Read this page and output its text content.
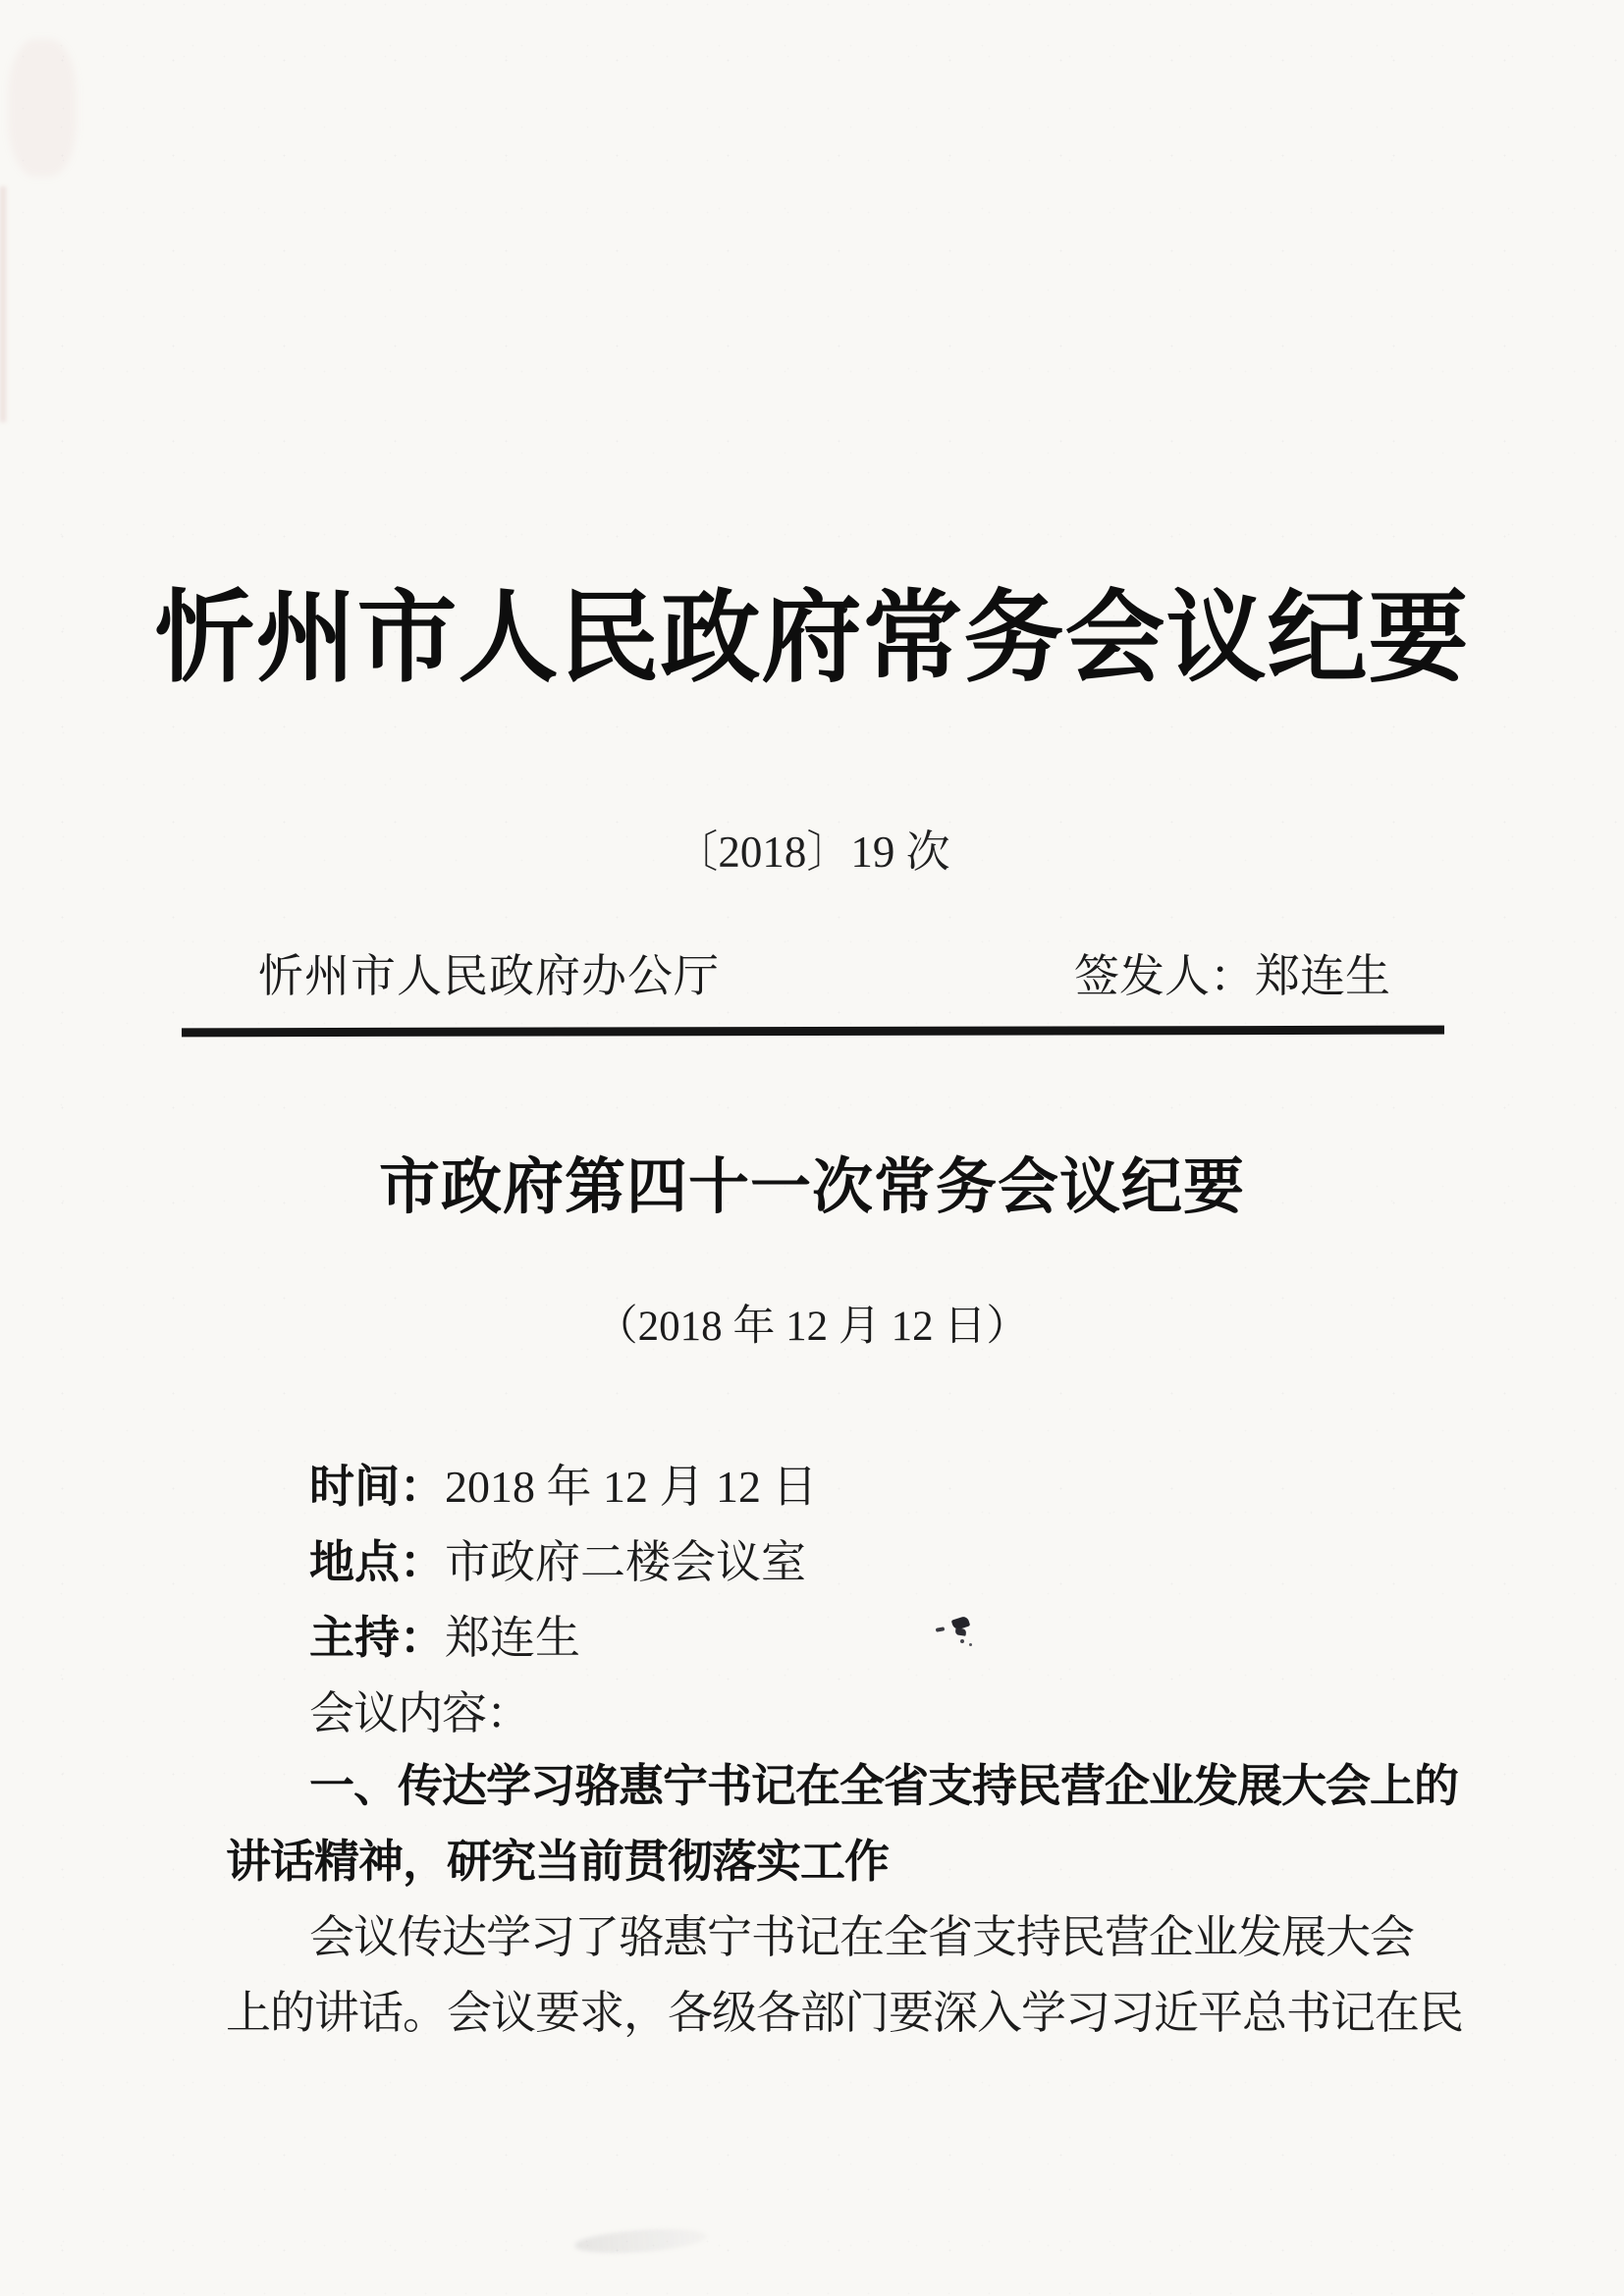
忻州市人民政府常务会议纪要
〔2018〕19 次
忻州市人民政府办公厅	签发人：郑连生
市政府第四十一次常务会议纪要
（2018 年 12 月 12 日）
时间：2018 年 12 月 12 日
地点：市政府二楼会议室
主持：郑连生
会议内容：
一、传达学习骆惠宁书记在全省支持民营企业发展大会上的
讲话精神，研究当前贯彻落实工作
会议传达学习了骆惠宁书记在全省支持民营企业发展大会
上的讲话。会议要求，各级各部门要深入学习习近平总书记在民
